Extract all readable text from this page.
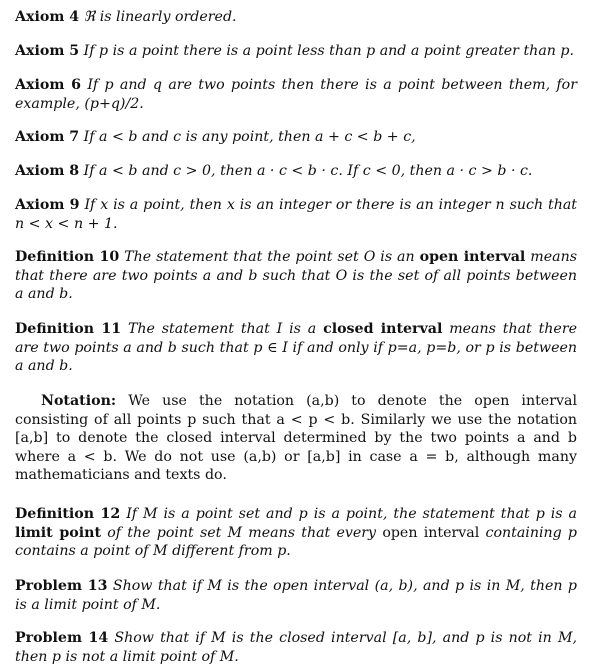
Axiom 4 ℜ is linearly ordered.

Axiom 5 If p is a point there is a point less than p and a point greater than p.

Axiom 6 If p and q are two points then there is a point between them, for example, (p+q)/2.

Axiom 7 If a < b and c is any point, then a + c < b + c,

Axiom 8 If a < b and c > 0, then a · c < b · c. If c < 0, then a · c > b · c.

Axiom 9 If x is a point, then x is an integer or there is an integer n such that n < x < n + 1.

Definition 10 The statement that the point set O is an open interval means that there are two points a and b such that O is the set of all points between a and b.

Definition 11 The statement that I is a closed interval means that there are two points a and b such that p ∈ I if and only if p=a, p=b, or p is between a and b.

Notation: We use the notation (a,b) to denote the open interval consisting of all points p such that a < p < b. Similarly we use the notation [a,b] to denote the closed interval determined by the two points a and b where a < b. We do not use (a,b) or [a,b] in case a = b, although many mathematicians and texts do.

Definition 12 If M is a point set and p is a point, the statement that p is a limit point of the point set M means that every open interval containing p contains a point of M different from p.

Problem 13 Show that if M is the open interval (a, b), and p is in M, then p is a limit point of M.

Problem 14 Show that if M is the closed interval [a, b], and p is not in M, then p is not a limit point of M.
